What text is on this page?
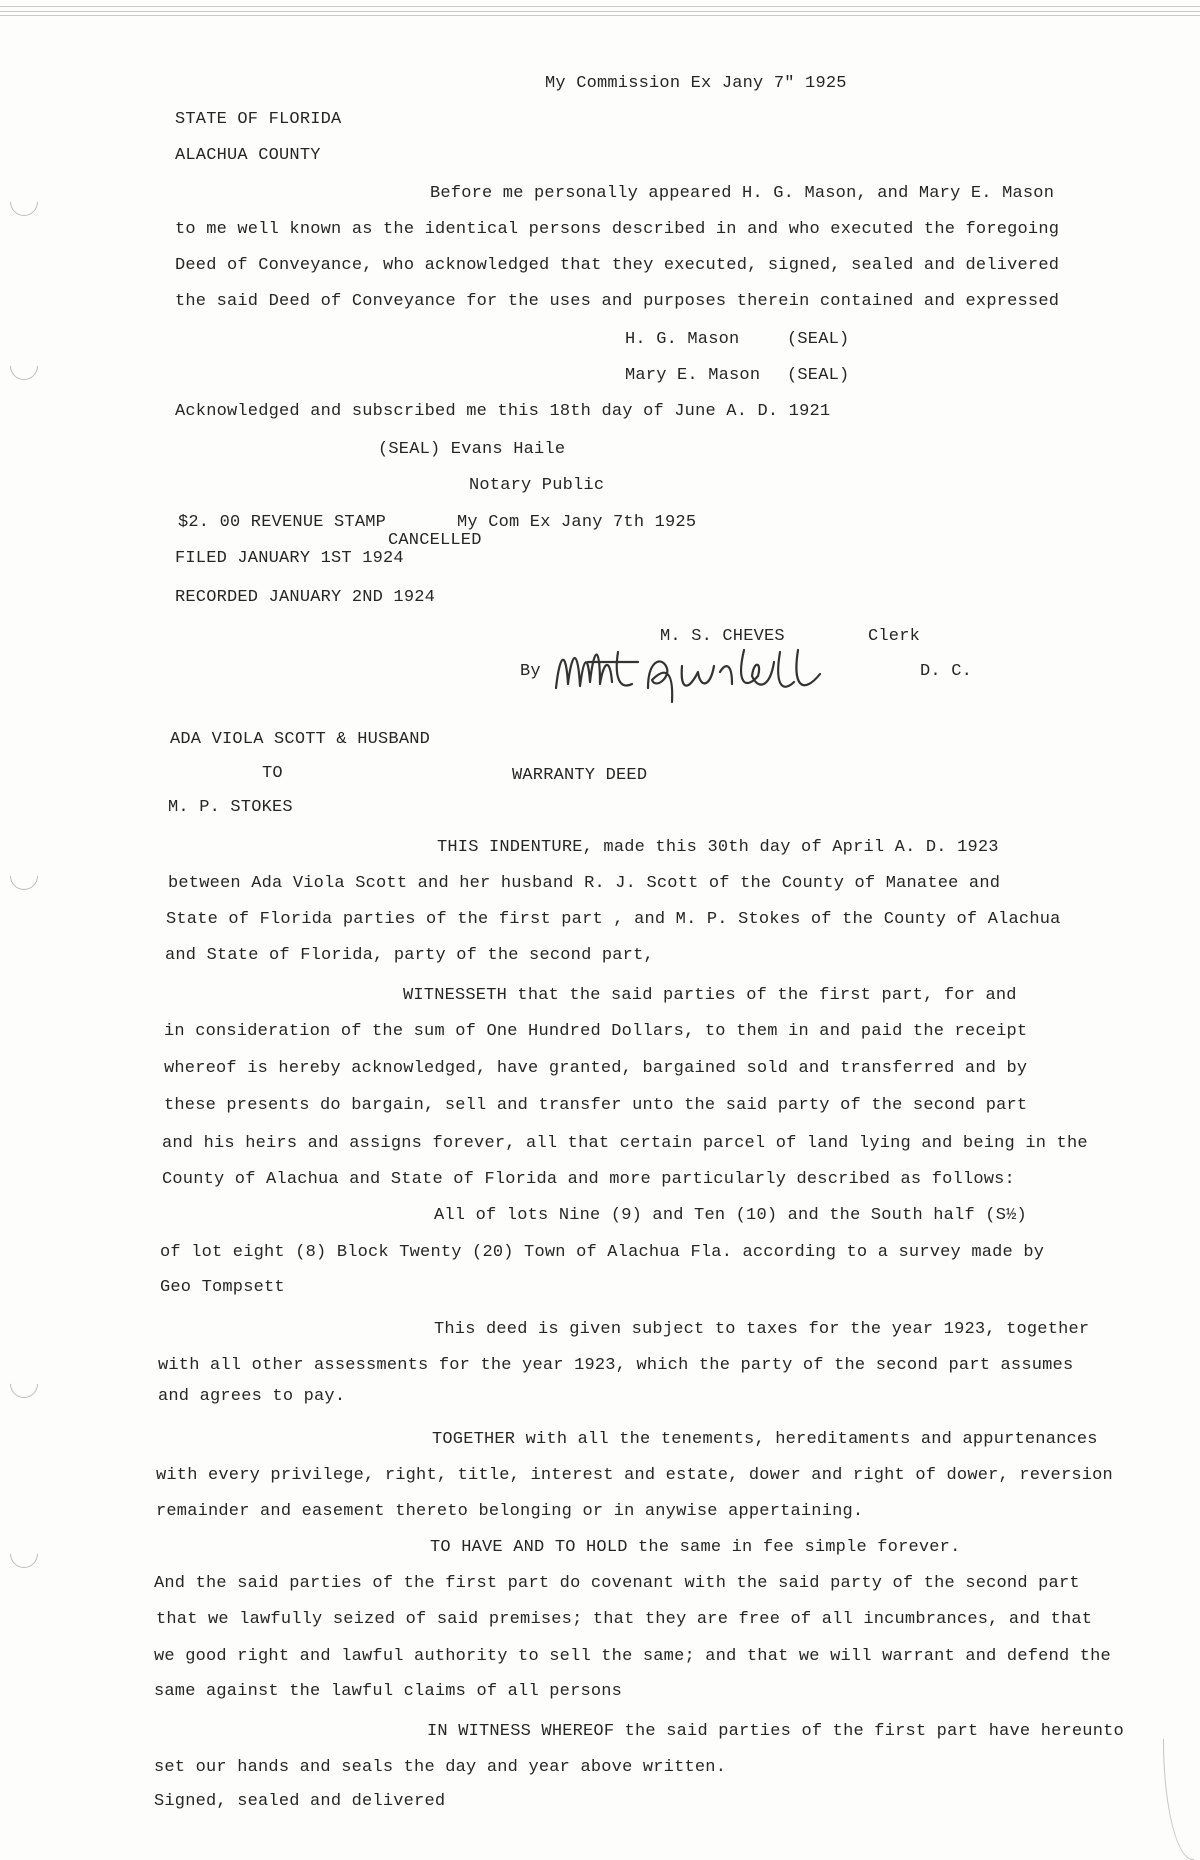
My Commission Ex Jany 7" 1925
STATE OF FLORIDA
ALACHUA COUNTY
Before me personally appeared H. G. Mason, and Mary E. Mason
to me well known as the identical persons described in and who executed the foregoing
Deed of Conveyance, who acknowledged that they executed, signed, sealed and delivered
the said Deed of Conveyance for the uses and purposes therein contained and expressed
H. G. Mason	(SEAL)
Mary E. Mason (SEAL)
Acknowledged and subscribed me this 18th day of June A. D. 1921
(SEAL) Evans Haile
Notary Public
$2. 00 REVENUE STAMP	My Com Ex Jany 7th 1925
CANCELLED
FILED JANUARY 1ST 1924
RECORDED JANUARY 2ND 1924
M. S. CHEVES	Clerk
By	D. C.
ADA VIOLA SCOTT & HUSBAND
TO	WARRANTY DEED
M. P. STOKES
THIS INDENTURE, made this 30th day of April A. D. 1923
between Ada Viola Scott and her husband R. J. Scott of the County of Manatee and
State of Florida parties of the first part , and M. P. Stokes of the County of Alachua
and State of Florida, party of the second part,
WITNESSETH that the said parties of the first part, for and
in consideration of the sum of One Hundred Dollars, to them in and paid the receipt
whereof is hereby acknowledged, have granted, bargained sold and transferred and by
these presents do bargain, sell and transfer unto the said party of the second part
and his heirs and assigns forever, all that certain parcel of land lying and being in the
County of Alachua and State of Florida and more particularly described as follows:
All of lots Nine (9) and Ten (10) and the South half (S½)
of lot eight (8) Block Twenty (20) Town of Alachua Fla. according to a survey made by
Geo Tompsett
This deed is given subject to taxes for the year 1923, together
with all other assessments for the year 1923, which the party of the second part assumes
and agrees to pay.
TOGETHER with all the tenements, hereditaments and appurtenances
with every privilege, right, title, interest and estate, dower and right of dower, reversion
remainder and easement thereto belonging or in anywise appertaining.
TO HAVE AND TO HOLD the same in fee simple forever.
And the said parties of the first part do covenant with the said party of the second part
that we lawfully seized of said premises; that they are free of all incumbrances, and that
we good right and lawful authority to sell the same; and that we will warrant and defend the
same against the lawful claims of all persons
IN WITNESS WHEREOF the said parties of the first part have hereunto
set our hands and seals the day and year above written.
Signed, sealed and delivered
